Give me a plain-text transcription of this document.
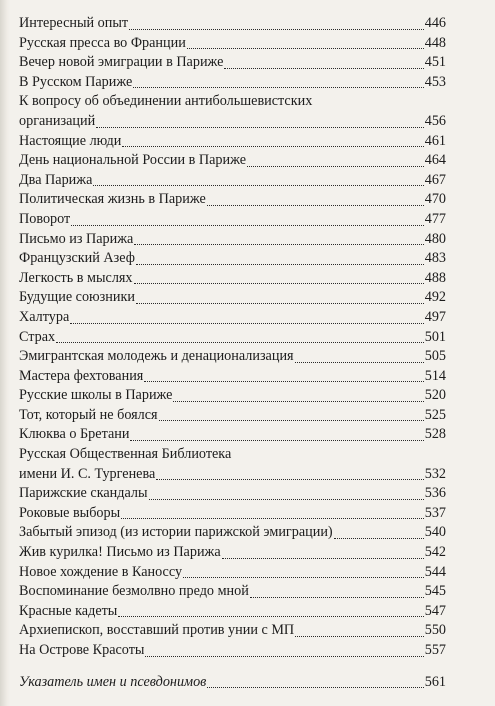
Интересный опыт	446
Русская пресса во Франции	448
Вечер новой эмиграции в Париже	451
В Русском Париже	453
К вопросу об объединении антибольшевистских
организаций	456
Настоящие люди	461
День национальной России в Париже	464
Два Парижа	467
Политическая жизнь в Париже	470
Поворот	477
Письмо из Парижа	480
Французский Азеф	483
Легкость в мыслях	488
Будущие союзники	492
Халтура	497
Страх	501
Эмигрантская молодежь и денационализация	505
Мастера фехтования	514
Русские школы в Париже	520
Тот, который не боялся	525
Клюква о Бретани	528
Русская Общественная Библиотека
имени И. С. Тургенева	532
Парижские скандалы	536
Роковые выборы	537
Забытый эпизод (из истории парижской эмиграции)	540
Жив курилка! Письмо из Парижа	542
Новое хождение в Каноссу	544
Воспоминание безмолвно предо мной	545
Красные кадеты	547
Архиепископ, восставший против унии с МП	550
На Острове Красоты	557
Указатель имен и псевдонимов	561
